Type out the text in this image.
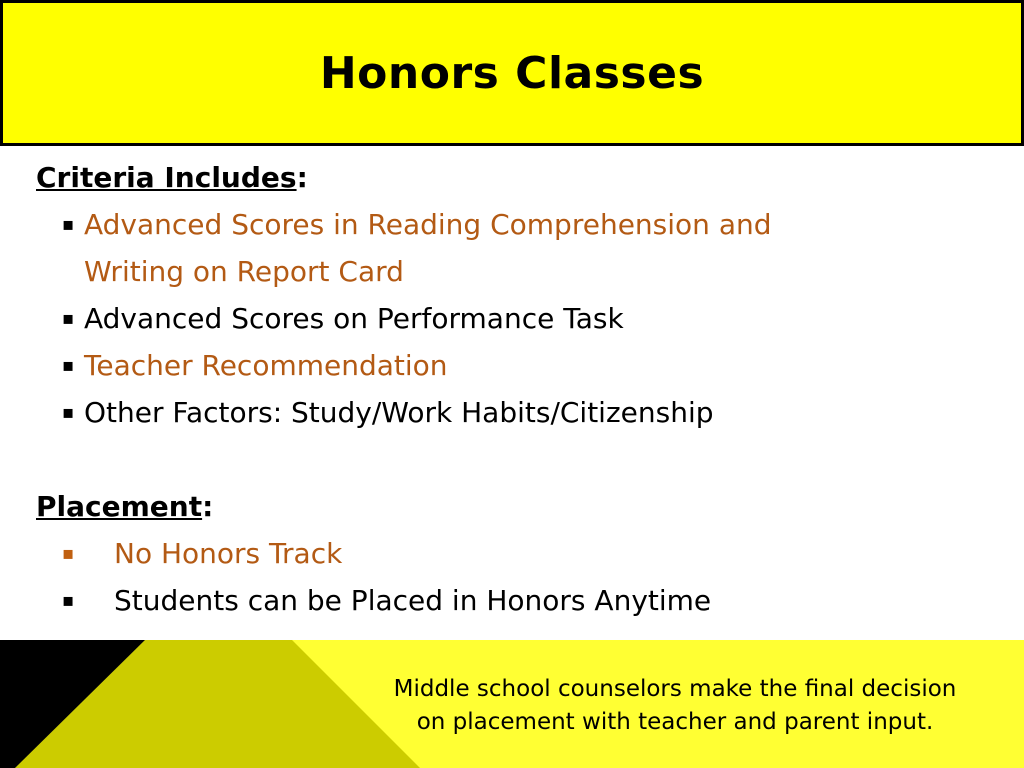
Honors Classes
Criteria Includes:
▪ Advanced Scores in Reading Comprehension and
Writing on Report Card
▪ Advanced Scores on Performance Task
▪ Teacher Recommendation
▪ Other Factors: Study/Work Habits/Citizenship
Placement:
▪ No Honors Track
▪ Students can be Placed in Honors Anytime
Middle school counselors make the final decision
on placement with teacher and parent input.
